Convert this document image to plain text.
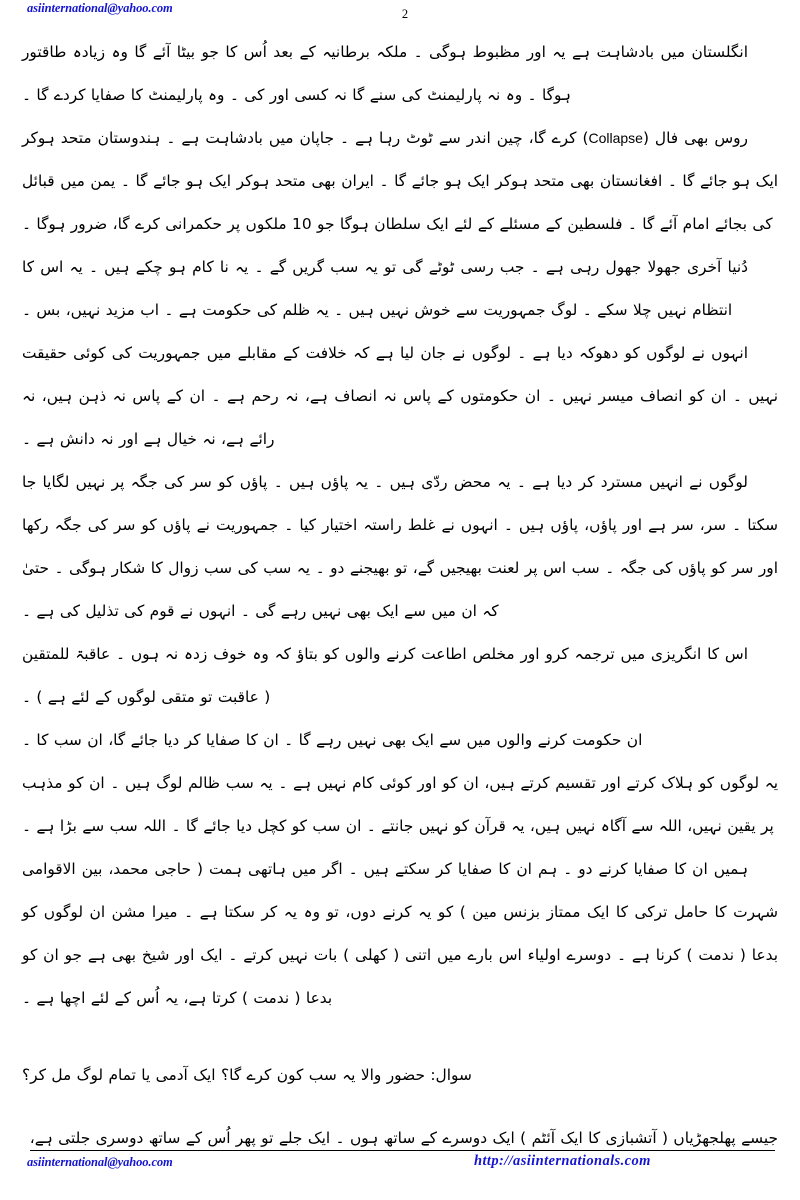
asiinternational@yahoo.com	2

انگلستان میں بادشاہت ہے یہ اور مظبوط ہوگی ۔ ملکہ برطانیہ کے بعد اُس کا جو بیٹا آئے گا وہ زیادہ طاقتور ہوگا ۔ وہ نہ پارلیمنٹ کی سنے گا نہ کسی اور کی ۔ وہ پارلیمنٹ کا صفایا کردے گا ۔

روس بھی فال (Collapse) کرے گا، چین اندر سے ٹوٹ رہا ہے ۔ جاپان میں بادشاہت ہے ۔ ہندوستان متحد ہوکر ایک ہو جائے گا ۔ افغانستان بھی متحد ہوکر ایک ہو جائے گا ۔ ایران بھی متحد ہوکر ایک ہو جائے گا ۔ یمن میں قبائل کی بجائے امام آئے گا ۔ فلسطین کے مسئلے کے لئے ایک سلطان ہوگا جو 10 ملکوں پر حکمرانی کرے گا، ضرور ہوگا ۔

دُنیا آخری جھولا جھول رہی ہے ۔ جب رسی ٹوٹے گی تو یہ سب گریں گے ۔ یہ نا کام ہو چکے ہیں ۔ یہ اس کا انتظام نہیں چلا سکے ۔ لوگ جمہوریت سے خوش نہیں ہیں ۔ یہ ظلم کی حکومت ہے ۔ اب مزید نہیں، بس ۔

انہوں نے لوگوں کو دھوکہ دیا ہے ۔ لوگوں نے جان لیا ہے کہ خلافت کے مقابلے میں جمہوریت کی کوئی حقیقت نہیں ۔ ان کو انصاف میسر نہیں ۔ ان حکومتوں کے پاس نہ انصاف ہے، نہ رحم ہے ۔ ان کے پاس نہ ذہن ہیں، نہ رائے ہے، نہ خیال ہے اور نہ دانش ہے ۔

لوگوں نے انہیں مسترد کر دیا ہے ۔ یہ محض ردّی ہیں ۔ یہ پاؤں ہیں ۔ پاؤں کو سر کی جگہ پر نہیں لگایا جا سکتا ۔ سر، سر ہے اور پاؤں، پاؤں ہیں ۔ انہوں نے غلط راستہ اختیار کیا ۔ جمہوریت نے پاؤں کو سر کی جگہ رکھا اور سر کو پاؤں کی جگہ ۔ سب اس پر لعنت بھیجیں گے، تو بھیجنے دو ۔ یہ سب کی سب زوال کا شکار ہوگی ۔ حتیٰ کہ ان میں سے ایک بھی نہیں رہے گی ۔ انہوں نے قوم کی تذلیل کی ہے ۔

اس کا انگریزی میں ترجمہ کرو اور مخلص اطاعت کرنے والوں کو بتاؤ کہ وہ خوف زدہ نہ ہوں ۔ عاقبۃ للمتقین ( عاقبت تو متقی لوگوں کے لئے ہے ) ۔

ان حکومت کرنے والوں میں سے ایک بھی نہیں رہے گا ۔ ان کا صفایا کر دیا جائے گا، ان سب کا ۔

یہ لوگوں کو ہلاک کرتے اور تقسیم کرتے ہیں، ان کو اور کوئی کام نہیں ہے ۔ یہ سب ظالم لوگ ہیں ۔ ان کو مذہب پر یقین نہیں، اللہ سے آگاہ نہیں ہیں، یہ قرآن کو نہیں جانتے ۔ ان سب کو کچل دیا جائے گا ۔ اللہ سب سے بڑا ہے ۔

ہمیں ان کا صفایا کرنے دو ۔ ہم ان کا صفایا کر سکتے ہیں ۔ اگر میں ہاتھی ہمت ( حاجی محمد، بین الاقوامی شہرت کا حامل ترکی کا ایک ممتاز بزنس مین ) کو یہ کرنے دوں، تو وہ یہ کر سکتا ہے ۔ میرا مشن ان لوگوں کو بدعا ( ندمت ) کرنا ہے ۔ دوسرے اولیاء اس بارے میں اتنی ( کھلی ) بات نہیں کرتے ۔ ایک اور شیخ بھی ہے جو ان کو بدعا ( ندمت ) کرتا ہے، یہ اُس کے لئے اچھا ہے ۔

سوال: حضور والا یہ سب کون کرے گا؟ ایک آدمی یا تمام لوگ مل کر؟

جیسے پھلجھڑیاں ( آتشبازی کا ایک آئٹم ) ایک دوسرے کے ساتھ ہوں ۔ ایک جلے تو پھر اُس کے ساتھ دوسری جلتی ہے،

asiinternational@yahoo.com	http://asiinternationals.com
